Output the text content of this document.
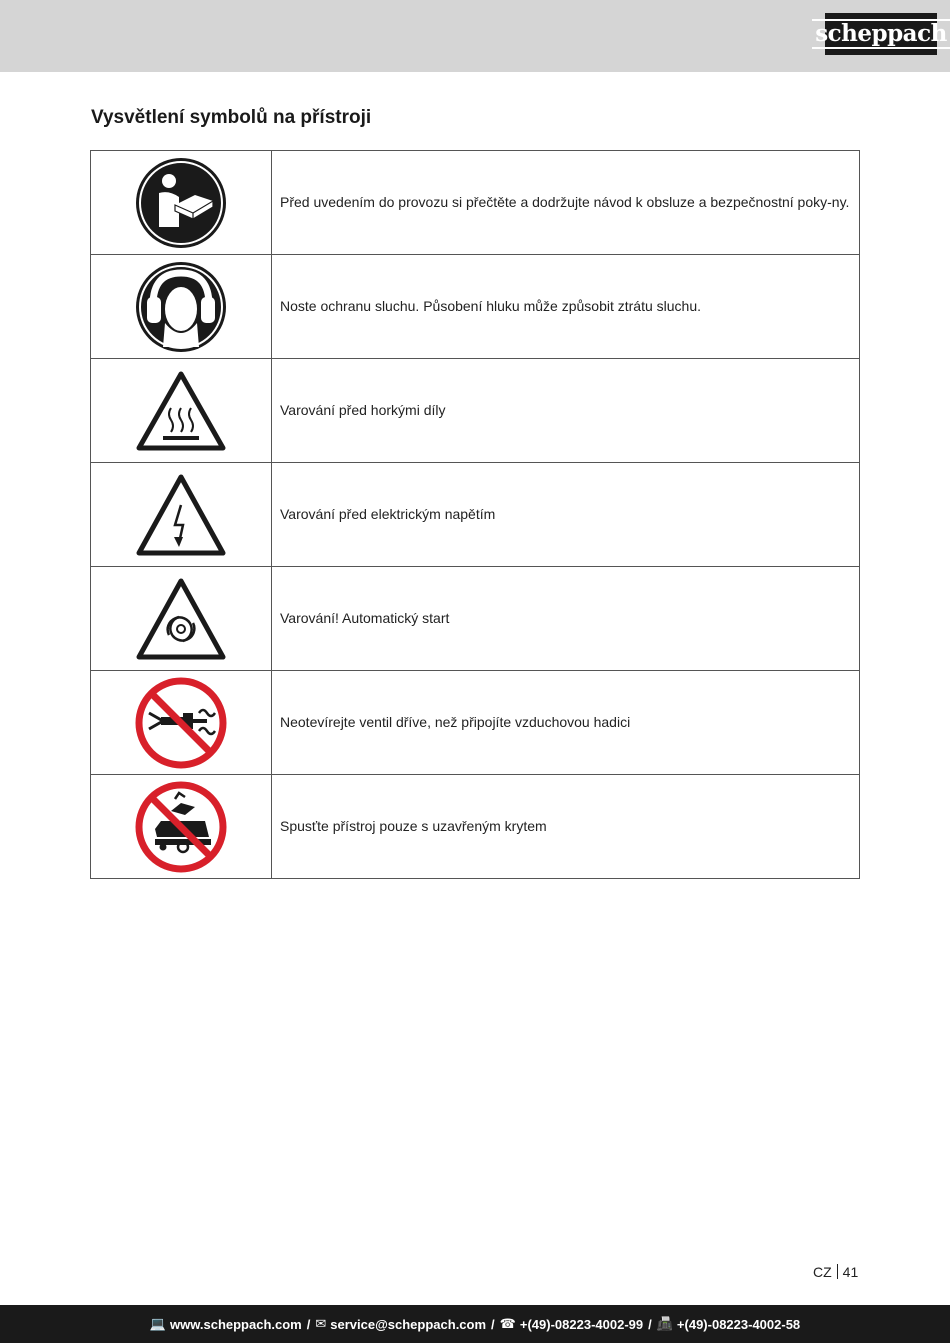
scheppach
Vysvětlení symbolů na přístroji
	Před uvedením do provozu si přečtěte a dodržujte návod k obsluze a bezpečnostní poky-ny.

	Noste ochranu sluchu. Působení hluku může způsobit ztrátu sluchu.

	Varování před horkými díly

	Varování před elektrickým napětím

	Varování! Automatický start

	Neotevírejte ventil dříve, než připojíte vzduchovou hadici

	Spusťte přístroj pouze s uzavřeným krytem
CZ 41
💻 www.scheppach.com / ✉ service@scheppach.com / ☎ +(49)-08223-4002-99 / 📠 +(49)-08223-4002-58
